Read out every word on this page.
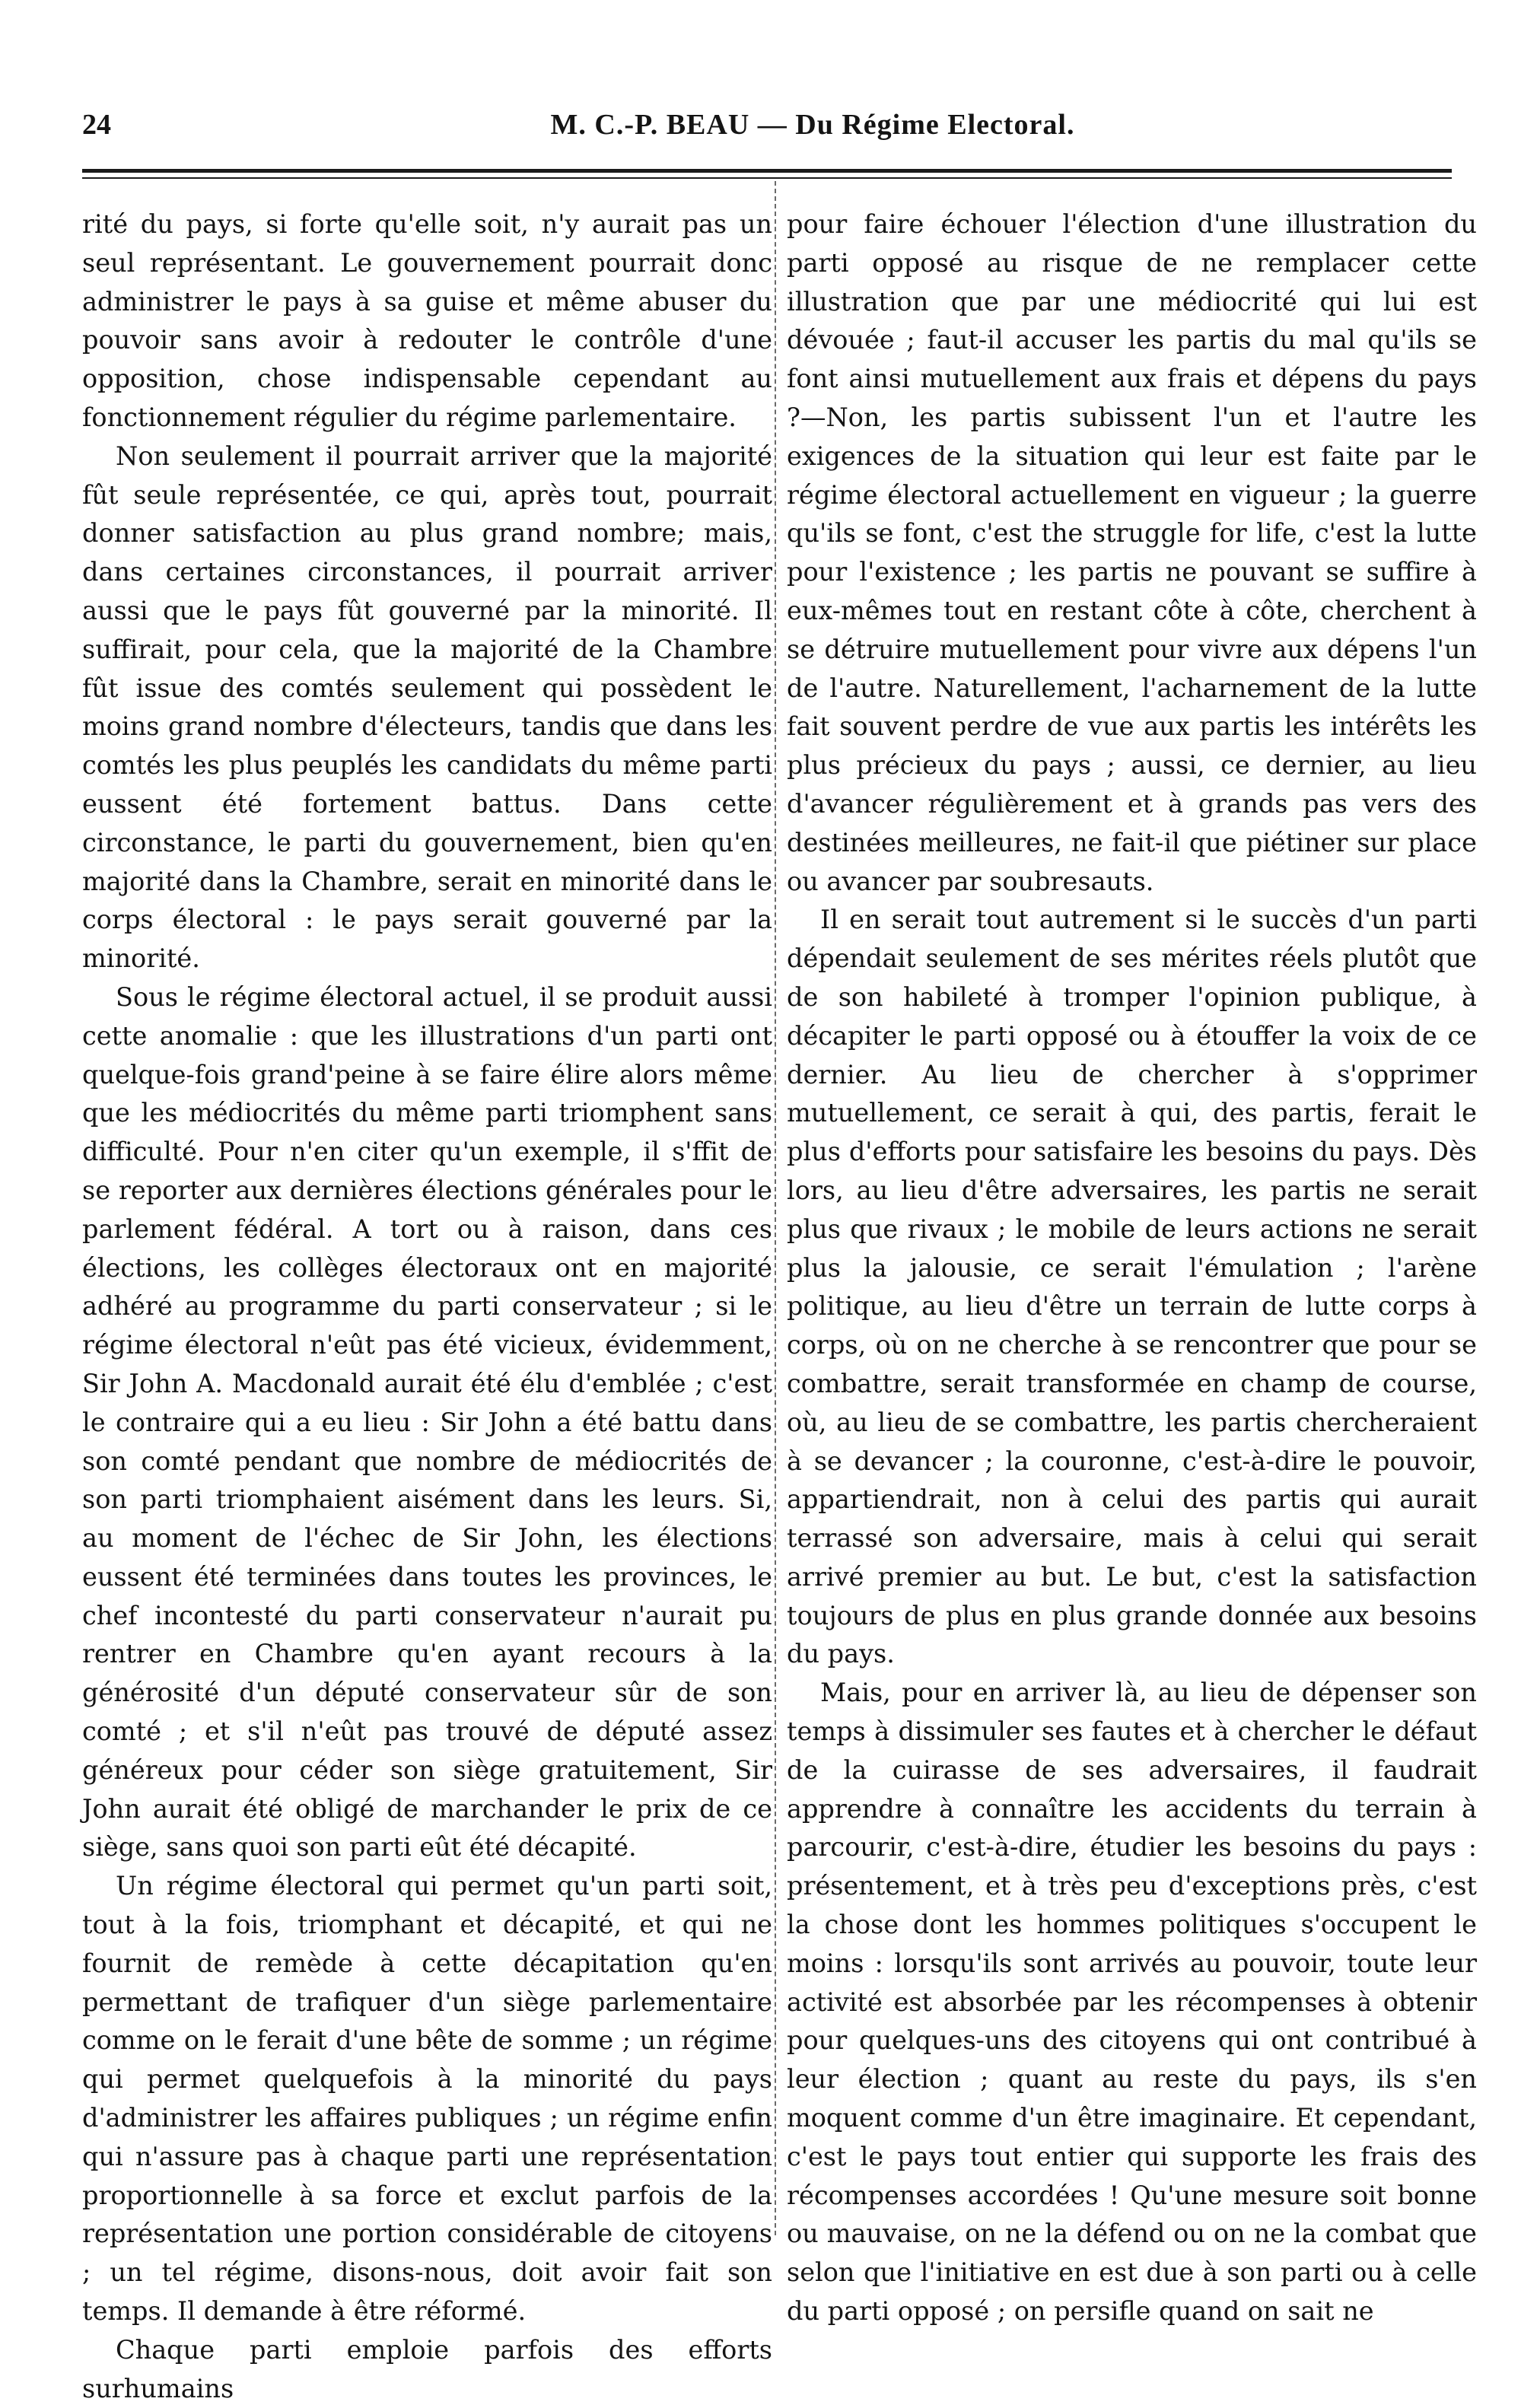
24	M. C.-P. BEAU — Du Régime Electoral.

rité du pays, si forte qu'elle soit, n'y aurait pas un seul représentant. Le gouvernement pourrait donc administrer le pays à sa guise et même abuser du pouvoir sans avoir à redouter le contrôle d'une opposition, chose indispensable cependant au fonctionnement régulier du régime parlementaire.

Non seulement il pourrait arriver que la majorité fût seule représentée, ce qui, après tout, pourrait donner satisfaction au plus grand nombre; mais, dans certaines circonstances, il pourrait arriver aussi que le pays fût gouverné par la minorité. Il suffirait, pour cela, que la majorité de la Chambre fût issue des comtés seulement qui possèdent le moins grand nombre d'électeurs, tandis que dans les comtés les plus peuplés les candidats du même parti eussent été fortement battus. Dans cette circonstance, le parti du gouvernement, bien qu'en majorité dans la Chambre, serait en minorité dans le corps électoral : le pays serait gouverné par la minorité.

Sous le régime électoral actuel, il se produit aussi cette anomalie : que les illustrations d'un parti ont quelque-fois grand'peine à se faire élire alors même que les médiocrités du même parti triomphent sans difficulté. Pour n'en citer qu'un exemple, il s'ffit de se reporter aux dernières élections générales pour le parlement fédéral. A tort ou à raison, dans ces élections, les collèges électoraux ont en majorité adhéré au programme du parti conservateur ; si le régime électoral n'eût pas été vicieux, évidemment, Sir John A. Macdonald aurait été élu d'emblée ; c'est le contraire qui a eu lieu : Sir John a été battu dans son comté pendant que nombre de médiocrités de son parti triomphaient aisément dans les leurs. Si, au moment de l'échec de Sir John, les élections eussent été terminées dans toutes les provinces, le chef incontesté du parti conservateur n'aurait pu rentrer en Chambre qu'en ayant recours à la générosité d'un député conservateur sûr de son comté ; et s'il n'eût pas trouvé de député assez généreux pour céder son siège gratuitement, Sir John aurait été obligé de marchander le prix de ce siège, sans quoi son parti eût été décapité.

Un régime électoral qui permet qu'un parti soit, tout à la fois, triomphant et décapité, et qui ne fournit de remède à cette décapitation qu'en permettant de trafiquer d'un siège parlementaire comme on le ferait d'une bête de somme ; un régime qui permet quelquefois à la minorité du pays d'administrer les affaires publiques ; un régime enfin qui n'assure pas à chaque parti une représentation proportionnelle à sa force et exclut parfois de la représentation une portion considérable de citoyens ; un tel régime, disons-nous, doit avoir fait son temps. Il demande à être réformé.

Chaque parti emploie parfois des efforts surhumains

pour faire échouer l'élection d'une illustration du parti opposé au risque de ne remplacer cette illustration que par une médiocrité qui lui est dévouée ; faut-il accuser les partis du mal qu'ils se font ainsi mutuellement aux frais et dépens du pays ?—Non, les partis subissent l'un et l'autre les exigences de la situation qui leur est faite par le régime électoral actuellement en vigueur ; la guerre qu'ils se font, c'est the struggle for life, c'est la lutte pour l'existence ; les partis ne pouvant se suffire à eux-mêmes tout en restant côte à côte, cherchent à se détruire mutuellement pour vivre aux dépens l'un de l'autre. Naturellement, l'acharnement de la lutte fait souvent perdre de vue aux partis les intérêts les plus précieux du pays ; aussi, ce dernier, au lieu d'avancer régulièrement et à grands pas vers des destinées meilleures, ne fait-il que piétiner sur place ou avancer par soubresauts.

Il en serait tout autrement si le succès d'un parti dépendait seulement de ses mérites réels plutôt que de son habileté à tromper l'opinion publique, à décapiter le parti opposé ou à étouffer la voix de ce dernier. Au lieu de chercher à s'opprimer mutuellement, ce serait à qui, des partis, ferait le plus d'efforts pour satisfaire les besoins du pays. Dès lors, au lieu d'être adversaires, les partis ne serait plus que rivaux ; le mobile de leurs actions ne serait plus la jalousie, ce serait l'émulation ; l'arène politique, au lieu d'être un terrain de lutte corps à corps, où on ne cherche à se rencontrer que pour se combattre, serait transformée en champ de course, où, au lieu de se combattre, les partis chercheraient à se devancer ; la couronne, c'est-à-dire le pouvoir, appartiendrait, non à celui des partis qui aurait terrassé son adversaire, mais à celui qui serait arrivé premier au but. Le but, c'est la satisfaction toujours de plus en plus grande donnée aux besoins du pays.

Mais, pour en arriver là, au lieu de dépenser son temps à dissimuler ses fautes et à chercher le défaut de la cuirasse de ses adversaires, il faudrait apprendre à connaître les accidents du terrain à parcourir, c'est-à-dire, étudier les besoins du pays : présentement, et à très peu d'exceptions près, c'est la chose dont les hommes politiques s'occupent le moins : lorsqu'ils sont arrivés au pouvoir, toute leur activité est absorbée par les récompenses à obtenir pour quelques-uns des citoyens qui ont contribué à leur élection ; quant au reste du pays, ils s'en moquent comme d'un être imaginaire. Et cependant, c'est le pays tout entier qui supporte les frais des récompenses accordées ! Qu'une mesure soit bonne ou mauvaise, on ne la défend ou on ne la combat que selon que l'initiative en est due à son parti ou à celle du parti opposé ; on persifle quand on sait ne
